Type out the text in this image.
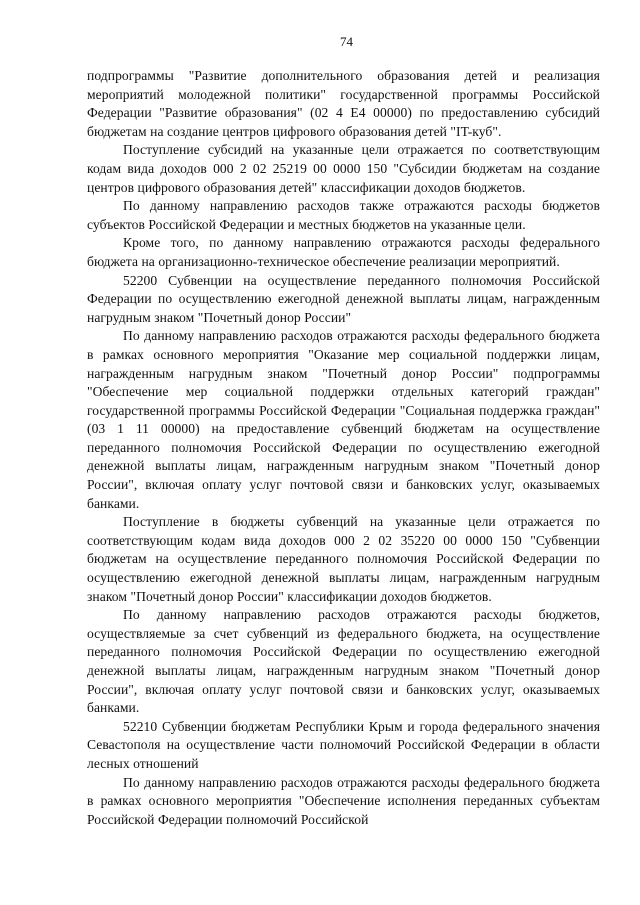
74

подпрограммы "Развитие дополнительного образования детей и реализация мероприятий молодежной политики" государственной программы Российской Федерации "Развитие образования" (02 4 Е4 00000) по предоставлению субсидий бюджетам на создание центров цифрового образования детей "IT-куб".

Поступление субсидий на указанные цели отражается по соответствующим кодам вида доходов 000 2 02 25219 00 0000 150 "Субсидии бюджетам на создание центров цифрового образования детей" классификации доходов бюджетов.

По данному направлению расходов также отражаются расходы бюджетов субъектов Российской Федерации и местных бюджетов на указанные цели.

Кроме того, по данному направлению отражаются расходы федерального бюджета на организационно-техническое обеспечение реализации мероприятий.

52200 Субвенции на осуществление переданного полномочия Российской Федерации по осуществлению ежегодной денежной выплаты лицам, награжденным нагрудным знаком "Почетный донор России"

По данному направлению расходов отражаются расходы федерального бюджета в рамках основного мероприятия "Оказание мер социальной поддержки лицам, награжденным нагрудным знаком "Почетный донор России" подпрограммы "Обеспечение мер социальной поддержки отдельных категорий граждан" государственной программы Российской Федерации "Социальная поддержка граждан" (03 1 11 00000) на предоставление субвенций бюджетам на осуществление переданного полномочия Российской Федерации по осуществлению ежегодной денежной выплаты лицам, награжденным нагрудным знаком "Почетный донор России", включая оплату услуг почтовой связи и банковских услуг, оказываемых банками.

Поступление в бюджеты субвенций на указанные цели отражается по соответствующим кодам вида доходов 000 2 02 35220 00 0000 150 "Субвенции бюджетам на осуществление переданного полномочия Российской Федерации по осуществлению ежегодной денежной выплаты лицам, награжденным нагрудным знаком "Почетный донор России" классификации доходов бюджетов.

По данному направлению расходов отражаются расходы бюджетов, осуществляемые за счет субвенций из федерального бюджета, на осуществление переданного полномочия Российской Федерации по осуществлению ежегодной денежной выплаты лицам, награжденным нагрудным знаком "Почетный донор России", включая оплату услуг почтовой связи и банковских услуг, оказываемых банками.

52210 Субвенции бюджетам Республики Крым и города федерального значения Севастополя на осуществление части полномочий Российской Федерации в области лесных отношений

По данному направлению расходов отражаются расходы федерального бюджета в рамках основного мероприятия "Обеспечение исполнения переданных субъектам Российской Федерации полномочий Российской
